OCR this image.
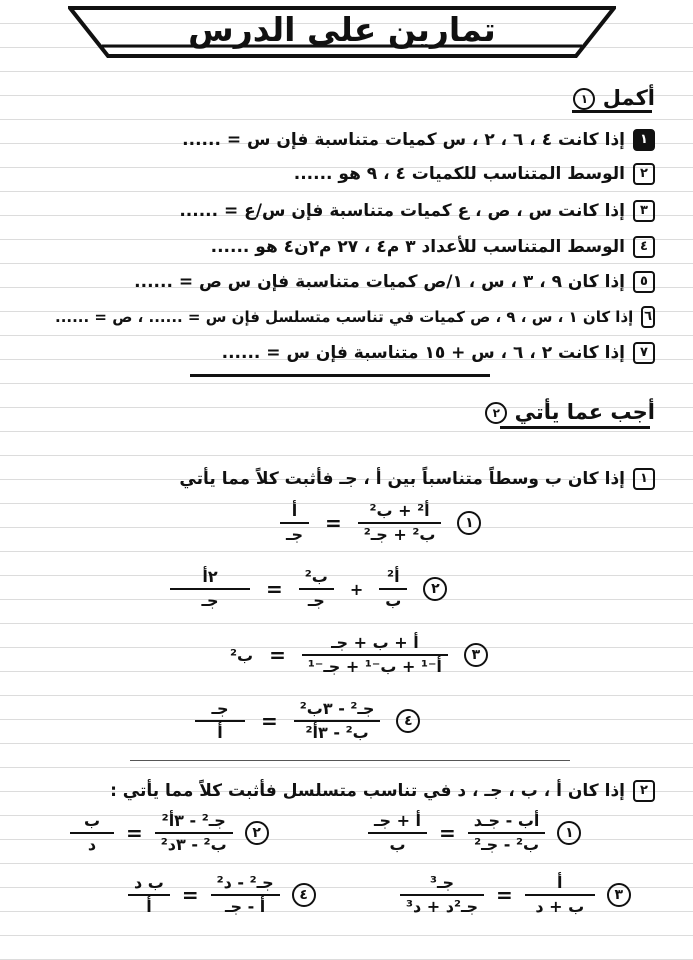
تمارين على الدرس
أكمل ١
١
إذا كانت ٤ ، ٦ ، ٢ ، س كميات متناسبة فإن س = ......
٢
الوسط المتناسب للكميات ٤ ، ٩ هو ......
٣
إذا كانت س ، ص ، ع كميات متناسبة فإن س/ع = ......
٤
الوسط المتناسب للأعداد ٣ م٤ ، ٢٧ م٢ن٤ هو ......
٥
إذا كان ٩ ، ٣ ، س ، ١/ص كميات متناسبة فإن س ص = ......
٦
إذا كان ١ ، س ، ٩ ، ص كميات في تناسب متسلسل فإن س = ...... ، ص = ......
٧
إذا كانت ٢ ، ٦ ، س + ١٥ متناسبة فإن س = ......
أجب عما يأتي ٢
١
إذا كان ب وسطاً متناسباً بين أ ، جـ فأثبت كلاً مما يأتي
$\frac{\text{أ}}{\text{جـ}} = \frac{\text{أ² + ب²}}{\text{ب² + جـ²}}$	١
$\frac{\text{٢أ}}{\text{جـ}} = \frac{\text{ب²}}{\text{جـ}} + \frac{\text{أ²}}{\text{ب}}$	٢
ب² = $\frac{\text{أ + ب + جـ}}{\text{أ⁻¹ + ب⁻¹ + جـ⁻¹}}$	٣
$\frac{\text{جـ}}{\text{أ}} = \frac{\text{جـ² - ٣ب²}}{\text{ب² - ٣أ²}}$	٤
٢
إذا كان أ ، ب ، جـ ، د في تناسب متسلسل فأثبت كلاً مما يأتي :
$\frac{\text{أ + جـ}}{\text{ب}} = \frac{\text{أب - جـد}}{\text{ب² - جـ²}}$	١
$\frac{\text{ب}}{\text{د}} = \frac{\text{جـ² - ٣أ²}}{\text{ب² - ٣د²}}$	٢
$\frac{\text{جـ³}}{\text{جـ²د + د³}} = \frac{\text{أ}}{\text{ب + د}}$	٣
$\frac{\text{ب د}}{\text{أ}} = \frac{\text{جـ² - د²}}{\text{أ - جـ}}$	٤
